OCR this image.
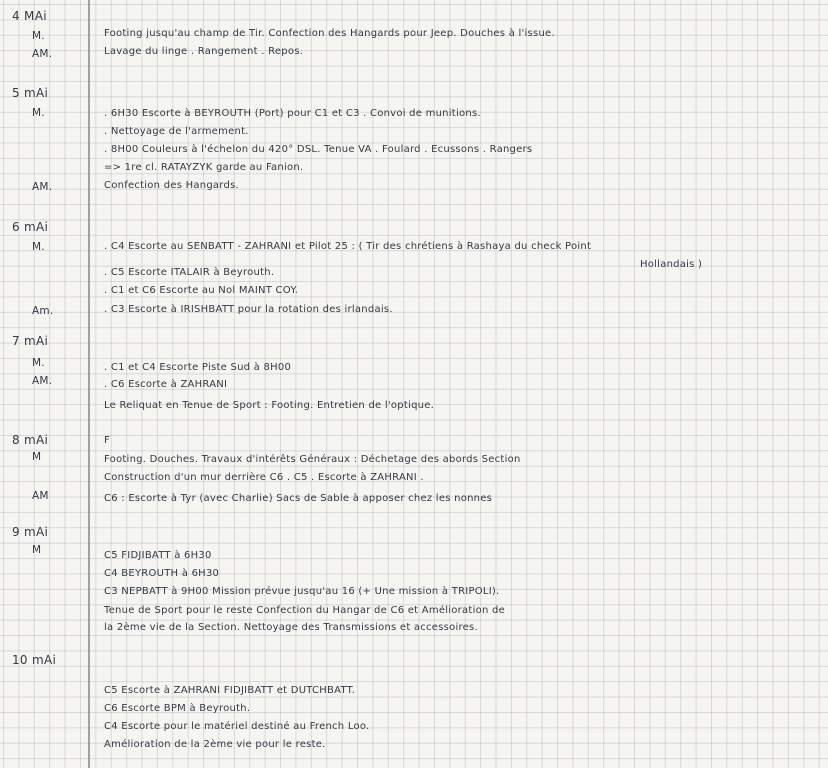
4 MAi
M.	Footing jusqu'au champ de Tir. Confection des Hangards pour Jeep. Douches à l'issue.
AM.	Lavage du linge . Rangement . Repos.
5 mAi
M.	. 6H30 Escorte à BEYROUTH (Port) pour C1 et C3 . Convoi de munitions.
. Nettoyage de l'armement.
. 8H00 Couleurs à l'échelon du 420° DSL. Tenue VA . Foulard . Ecussons . Rangers
=> 1re cl. RATAYZYK garde au Fanion.
AM.	Confection des Hangards.
6 mAi
M.	. C4 Escorte au SENBATT - ZAHRANI et Pilot 25 : ( Tir des chrétiens à Rashaya du check Point
Hollandais )
. C5 Escorte ITALAIR à Beyrouth.
. C1 et C6 Escorte au Nol MAINT COY.
Am.	. C3 Escorte à IRISHBATT pour la rotation des irlandais.
7 mAi
M.	. C1 et C4 Escorte Piste Sud à 8H00
AM.	. C6 Escorte à ZAHRANI
Le Reliquat en Tenue de Sport : Footing. Entretien de l'optique.
8 mAi	F
M	Footing. Douches. Travaux d'intérêts Généraux : Déchetage des abords Section
Construction d'un mur derrière C6 . C5 . Escorte à ZAHRANI .
AM	C6 : Escorte à Tyr (avec Charlie) Sacs de Sable à apposer chez les nonnes
9 mAi
M	C5 FIDJIBATT à 6H30
C4 BEYROUTH à 6H30
C3 NEPBATT à 9H00 Mission prévue jusqu'au 16 (+ Une mission à TRIPOLI).
Tenue de Sport pour le reste Confection du Hangar de C6 et Amélioration de
la 2ème vie de la Section. Nettoyage des Transmissions et accessoires.
10 mAi
C5 Escorte à ZAHRANI FIDJIBATT et DUTCHBATT.
C6 Escorte BPM à Beyrouth.
C4 Escorte pour le matériel destiné au French Loo.
Amélioration de la 2ème vie pour le reste.
